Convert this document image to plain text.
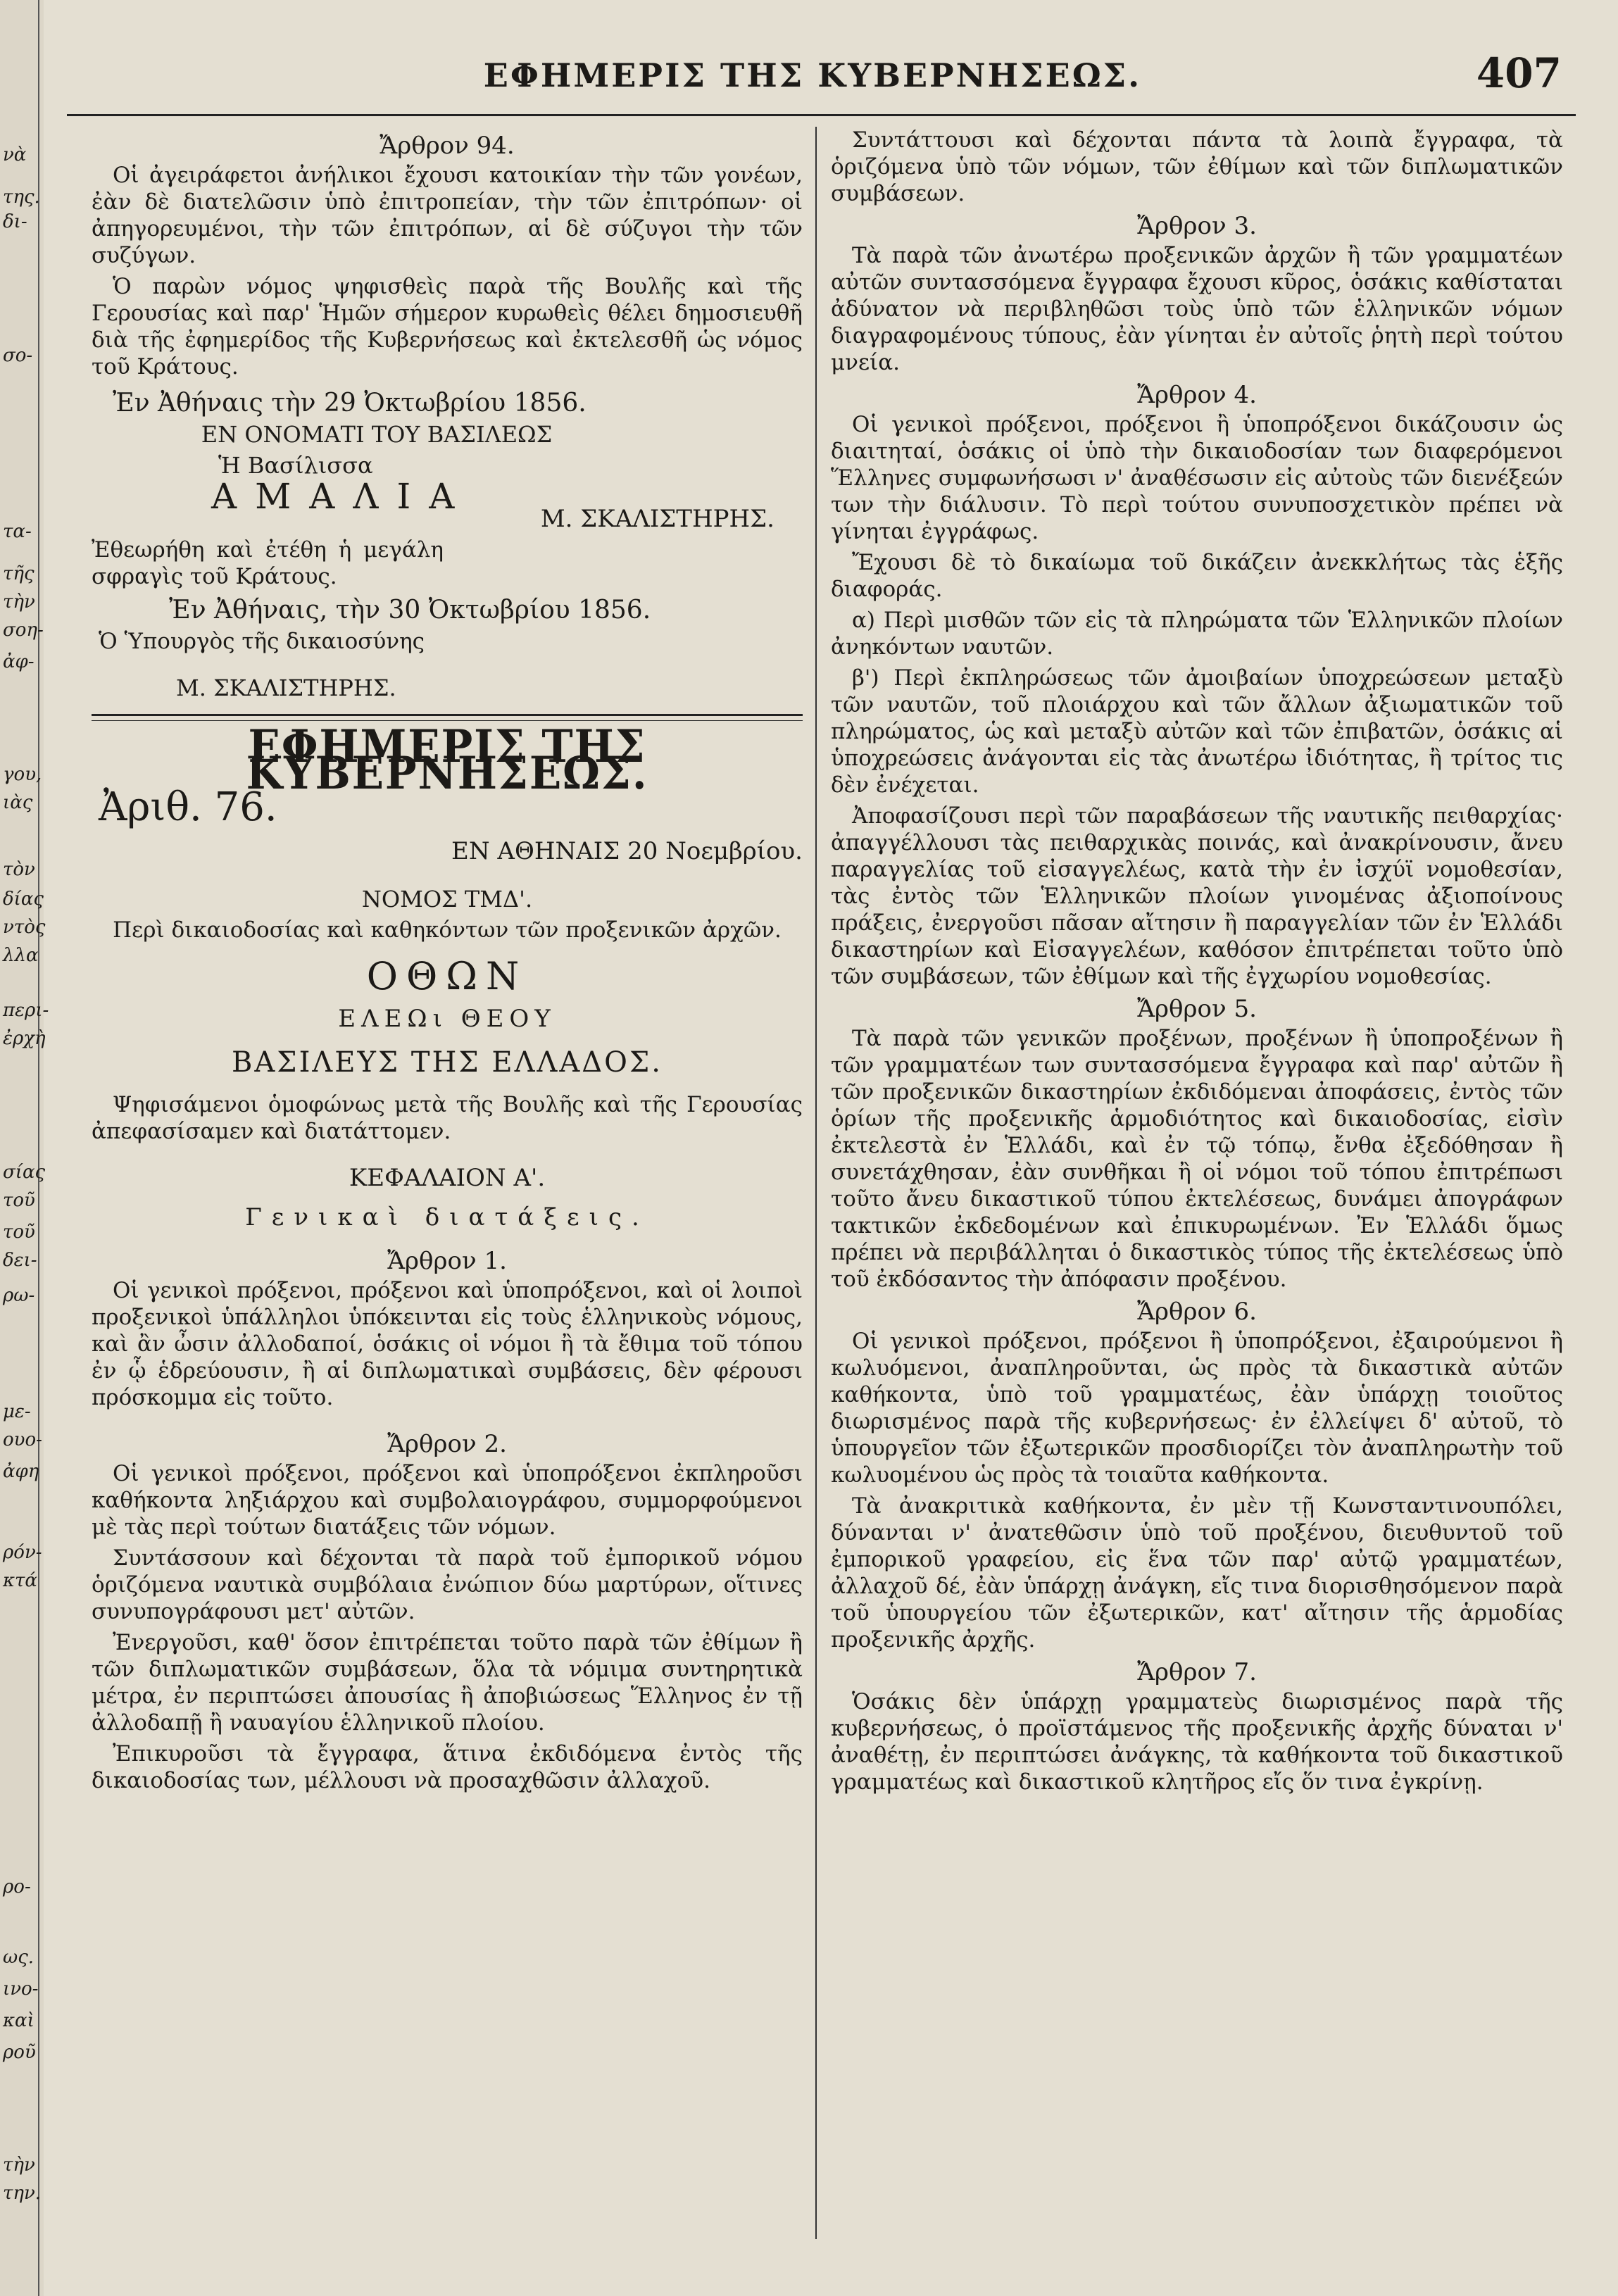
νὰ
της.
δι-
σο-
τα-
τῆς
τὴν
σοη-
ἀφ-
γου,
ιὰς
τὸν
δίας
ντὸς
λλα
περι-
ἐρχὴ
σίας
τοῦ
τοῦ
δει-
ρω-
με-
ουο-
ἀφη
ρόν-
κτά
ρο-
ως.
ινο-
καὶ
ροῦ
τὴν
την.
ΕΦΗΜΕΡΙΣ ΤΗΣ ΚΥΒΕΡΝΗΣΕΩΣ.	407
Ἄρθρον 94.

Οἱ ἀγειράφετοι ἀνήλικοι ἔχουσι κατοικίαν τὴν τῶν γονέων, ἐὰν δὲ διατελῶσιν ὑπὸ ἐπιτροπείαν, τὴν τῶν ἐπιτρόπων· οἱ ἀπηγορευμένοι, τὴν τῶν ἐπιτρόπων, αἱ δὲ σύζυγοι τὴν τῶν συζύγων.

Ὁ παρὼν νόμος ψηφισθεὶς παρὰ τῆς Βουλῆς καὶ τῆς Γερουσίας καὶ παρ' Ἡμῶν σήμερον κυρωθεὶς θέλει δημοσιευθῆ διὰ τῆς ἐφημερίδος τῆς Κυβερνήσεως καὶ ἐκτελεσθῆ ὡς νόμος τοῦ Κράτους.

Ἐν Ἀθήναις τὴν 29 Ὀκτωβρίου 1856.

ΕΝ ΟΝΟΜΑΤΙ ΤΟΥ ΒΑΣΙΛΕΩΣ
Ἡ Βασίλισσα
ΑΜΑΛΙΑ
Μ. ΣΚΑΛΙΣΤΗΡΗΣ.

Ἐθεωρήθη καὶ ἐτέθη ἡ μεγάλη σφραγὶς τοῦ Κράτους.

Ἐν Ἀθήναις, τὴν 30 Ὀκτωβρίου 1856.

Ὁ Ὑπουργὸς τῆς δικαιοσύνης
Μ. ΣΚΑΛΙΣΤΗΡΗΣ.
ΕΦΗΜΕΡΙΣ ΤΗΣ ΚΥΒΕΡΝΗΣΕΩΣ.
Ἀριθ. 76.
ΕΝ ΑΘΗΝΑΙΣ 20 Νοεμβρίου.
ΝΟΜΟΣ ΤΜΔ'.
Περὶ δικαιοδοσίας καὶ καθηκόντων τῶν προξενικῶν ἀρχῶν.
ΟΘΩΝ
ΕΛΕΩι ΘΕΟΥ
ΒΑΣΙΛΕΥΣ ΤΗΣ ΕΛΛΑΔΟΣ.

Ψηφισάμενοι ὁμοφώνως μετὰ τῆς Βουλῆς καὶ τῆς Γερουσίας ἀπεφασίσαμεν καὶ διατάττομεν.

ΚΕΦΑΛΑΙΟΝ Α'.
Γενικαὶ διατάξεις.
Ἄρθρον 1.

Οἱ γενικοὶ πρόξενοι, πρόξενοι καὶ ὑποπρόξενοι, καὶ οἱ λοιποὶ προξενικοὶ ὑπάλληλοι ὑπόκεινται εἰς τοὺς ἑλληνικοὺς νόμους, καὶ ἂν ὦσιν ἀλλοδαποί, ὁσάκις οἱ νόμοι ἢ τὰ ἔθιμα τοῦ τόπου ἐν ᾧ ἑδρεύουσιν, ἢ αἱ διπλωματικαὶ συμβάσεις, δὲν φέρουσι πρόσκομμα εἰς τοῦτο.

Ἄρθρον 2.

Οἱ γενικοὶ πρόξενοι, πρόξενοι καὶ ὑποπρόξενοι ἐκπληροῦσι καθήκοντα ληξιάρχου καὶ συμβολαιογράφου, συμμορφούμενοι μὲ τὰς περὶ τούτων διατάξεις τῶν νόμων.

Συντάσσουν καὶ δέχονται τὰ παρὰ τοῦ ἐμπορικοῦ νόμου ὁριζόμενα ναυτικὰ συμβόλαια ἐνώπιον δύω μαρτύρων, οἵτινες συνυπογράφουσι μετ' αὐτῶν.

Ἐνεργοῦσι, καθ' ὅσον ἐπιτρέπεται τοῦτο παρὰ τῶν ἐθίμων ἢ τῶν διπλωματικῶν συμβάσεων, ὅλα τὰ νόμιμα συντηρητικὰ μέτρα, ἐν περιπτώσει ἀπουσίας ἢ ἀποβιώσεως Ἕλληνος ἐν τῇ ἀλλοδαπῇ ἢ ναυαγίου ἑλληνικοῦ πλοίου.

Ἐπικυροῦσι τὰ ἔγγραφα, ἅτινα ἐκδιδόμενα ἐντὸς τῆς δικαιοδοσίας των, μέλλουσι νὰ προσαχθῶσιν ἀλλαχοῦ.

Συντάττουσι καὶ δέχονται πάντα τὰ λοιπὰ ἔγγραφα, τὰ ὁριζόμενα ὑπὸ τῶν νόμων, τῶν ἐθίμων καὶ τῶν διπλωματικῶν συμβάσεων.

Ἄρθρον 3.

Τὰ παρὰ τῶν ἀνωτέρω προξενικῶν ἀρχῶν ἢ τῶν γραμματέων αὐτῶν συντασσόμενα ἔγγραφα ἔχουσι κῦρος, ὁσάκις καθίσταται ἀδύνατον νὰ περιβληθῶσι τοὺς ὑπὸ τῶν ἑλληνικῶν νόμων διαγραφομένους τύπους, ἐὰν γίνηται ἐν αὐτοῖς ῥητὴ περὶ τούτου μνεία.

Ἄρθρον 4.

Οἱ γενικοὶ πρόξενοι, πρόξενοι ἢ ὑποπρόξενοι δικάζουσιν ὡς διαιτηταί, ὁσάκις οἱ ὑπὸ τὴν δικαιοδοσίαν των διαφερόμενοι Ἕλληνες συμφωνήσωσι ν' ἀναθέσωσιν εἰς αὐτοὺς τῶν διενέξεών των τὴν διάλυσιν. Τὸ περὶ τούτου συνυποσχετικὸν πρέπει νὰ γίνηται ἐγγράφως.

Ἔχουσι δὲ τὸ δικαίωμα τοῦ δικάζειν ἀνεκκλήτως τὰς ἑξῆς διαφοράς.

α) Περὶ μισθῶν τῶν εἰς τὰ πληρώματα τῶν Ἑλληνικῶν πλοίων ἀνηκόντων ναυτῶν.

β') Περὶ ἐκπληρώσεως τῶν ἀμοιβαίων ὑποχρεώσεων μεταξὺ τῶν ναυτῶν, τοῦ πλοιάρχου καὶ τῶν ἄλλων ἀξιωματικῶν τοῦ πληρώματος, ὡς καὶ μεταξὺ αὐτῶν καὶ τῶν ἐπιβατῶν, ὁσάκις αἱ ὑποχρεώσεις ἀνάγονται εἰς τὰς ἀνωτέρω ἰδιότητας, ἢ τρίτος τις δὲν ἐνέχεται.

Ἀποφασίζουσι περὶ τῶν παραβάσεων τῆς ναυτικῆς πειθαρχίας· ἀπαγγέλλουσι τὰς πειθαρχικὰς ποινάς, καὶ ἀνακρίνουσιν, ἄνευ παραγγελίας τοῦ εἰσαγγελέως, κατὰ τὴν ἐν ἰσχύϊ νομοθεσίαν, τὰς ἐντὸς τῶν Ἑλληνικῶν πλοίων γινομένας ἀξιοποίνους πράξεις, ἐνεργοῦσι πᾶσαν αἴτησιν ἢ παραγγελίαν τῶν ἐν Ἑλλάδι δικαστηρίων καὶ Εἰσαγγελέων, καθόσον ἐπιτρέπεται τοῦτο ὑπὸ τῶν συμβάσεων, τῶν ἐθίμων καὶ τῆς ἐγχωρίου νομοθεσίας.

Ἄρθρον 5.

Τὰ παρὰ τῶν γενικῶν προξένων, προξένων ἢ ὑποπροξένων ἢ τῶν γραμματέων των συντασσόμενα ἔγγραφα καὶ παρ' αὐτῶν ἢ τῶν προξενικῶν δικαστηρίων ἐκδιδόμεναι ἀποφάσεις, ἐντὸς τῶν ὁρίων τῆς προξενικῆς ἁρμοδιότητος καὶ δικαιοδοσίας, εἰσὶν ἐκτελεστὰ ἐν Ἑλλάδι, καὶ ἐν τῷ τόπῳ, ἔνθα ἐξεδόθησαν ἢ συνετάχθησαν, ἐὰν συνθῆκαι ἢ οἱ νόμοι τοῦ τόπου ἐπιτρέπωσι τοῦτο ἄνευ δικαστικοῦ τύπου ἐκτελέσεως, δυνάμει ἀπογράφων τακτικῶν ἐκδεδομένων καὶ ἐπικυρωμένων. Ἐν Ἑλλάδι ὅμως πρέπει νὰ περιβάλληται ὁ δικαστικὸς τύπος τῆς ἐκτελέσεως ὑπὸ τοῦ ἐκδόσαντος τὴν ἀπόφασιν προξένου.

Ἄρθρον 6.

Οἱ γενικοὶ πρόξενοι, πρόξενοι ἢ ὑποπρόξενοι, ἐξαιρούμενοι ἢ κωλυόμενοι, ἀναπληροῦνται, ὡς πρὸς τὰ δικαστικὰ αὐτῶν καθήκοντα, ὑπὸ τοῦ γραμματέως, ἐὰν ὑπάρχῃ τοιοῦτος διωρισμένος παρὰ τῆς κυβερνήσεως· ἐν ἐλλείψει δ' αὐτοῦ, τὸ ὑπουργεῖον τῶν ἐξωτερικῶν προσδιορίζει τὸν ἀναπληρωτὴν τοῦ κωλυομένου ὡς πρὸς τὰ τοιαῦτα καθήκοντα.

Τὰ ἀνακριτικὰ καθήκοντα, ἐν μὲν τῇ Κωνσταντινουπόλει, δύνανται ν' ἀνατεθῶσιν ὑπὸ τοῦ προξένου, διευθυντοῦ τοῦ ἐμπορικοῦ γραφείου, εἰς ἕνα τῶν παρ' αὐτῷ γραμματέων, ἀλλαχοῦ δέ, ἐὰν ὑπάρχῃ ἀνάγκη, εἴς τινα διορισθησόμενον παρὰ τοῦ ὑπουργείου τῶν ἐξωτερικῶν, κατ' αἴτησιν τῆς ἁρμοδίας προξενικῆς ἀρχῆς.

Ἄρθρον 7.

Ὁσάκις δὲν ὑπάρχῃ γραμματεὺς διωρισμένος παρὰ τῆς κυβερνήσεως, ὁ προϊστάμενος τῆς προξενικῆς ἀρχῆς δύναται ν' ἀναθέτῃ, ἐν περιπτώσει ἀνάγκης, τὰ καθήκοντα τοῦ δικαστικοῦ γραμματέως καὶ δικαστικοῦ κλητῆρος εἴς ὅν τινα ἐγκρίνῃ.
